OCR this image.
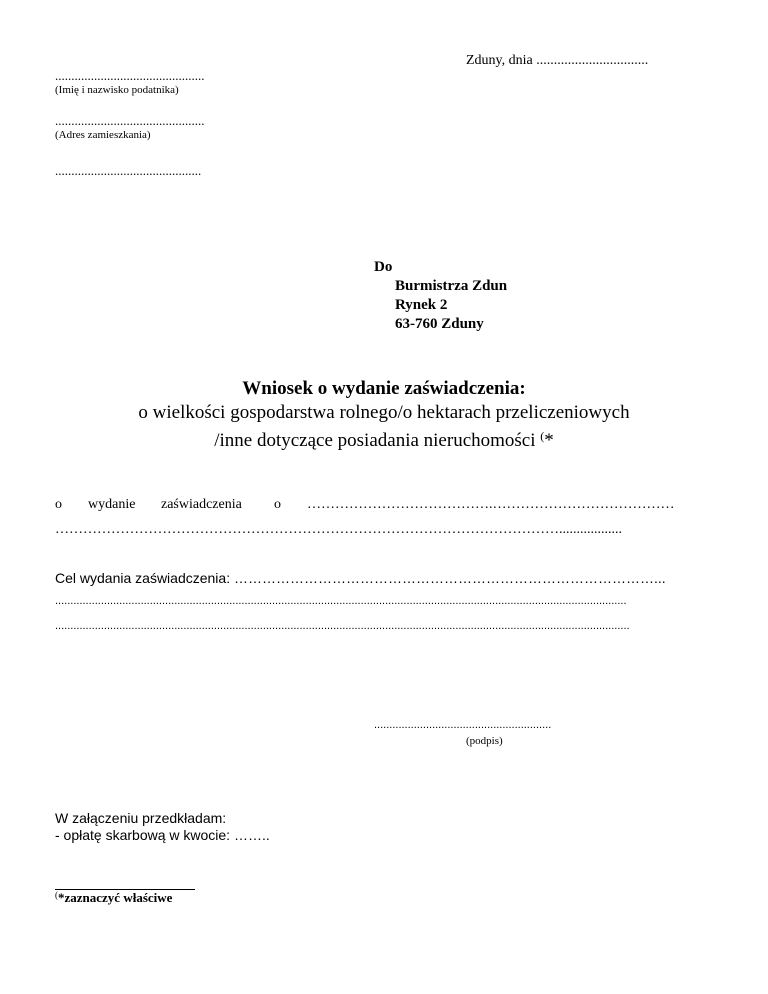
Zduny, dnia ................................
..............................................
(Imię i nazwisko podatnika)
..............................................
(Adres zamieszkania)
.............................................
Do
Burmistrza Zdun
Rynek 2
63-760 Zduny
Wniosek o wydanie zaświadczenia:
o wielkości gospodarstwa rolnego/o hektarach przeliczeniowych
/inne dotyczące posiadania nieruchomości (*
o wydanie zaświadczenia o ………………………………….…………………………………
………………………………………………………………………………………………..................
Cel wydania zaświadczenia: ………………………………………………………………………………...
...........................................................................................................................................................................................
............................................................................................................................................................................................
..........................................................
(podpis)
W załączeniu przedkładam:
- opłatę skarbową w kwocie: ……..
(*zaznaczyć właściwe
